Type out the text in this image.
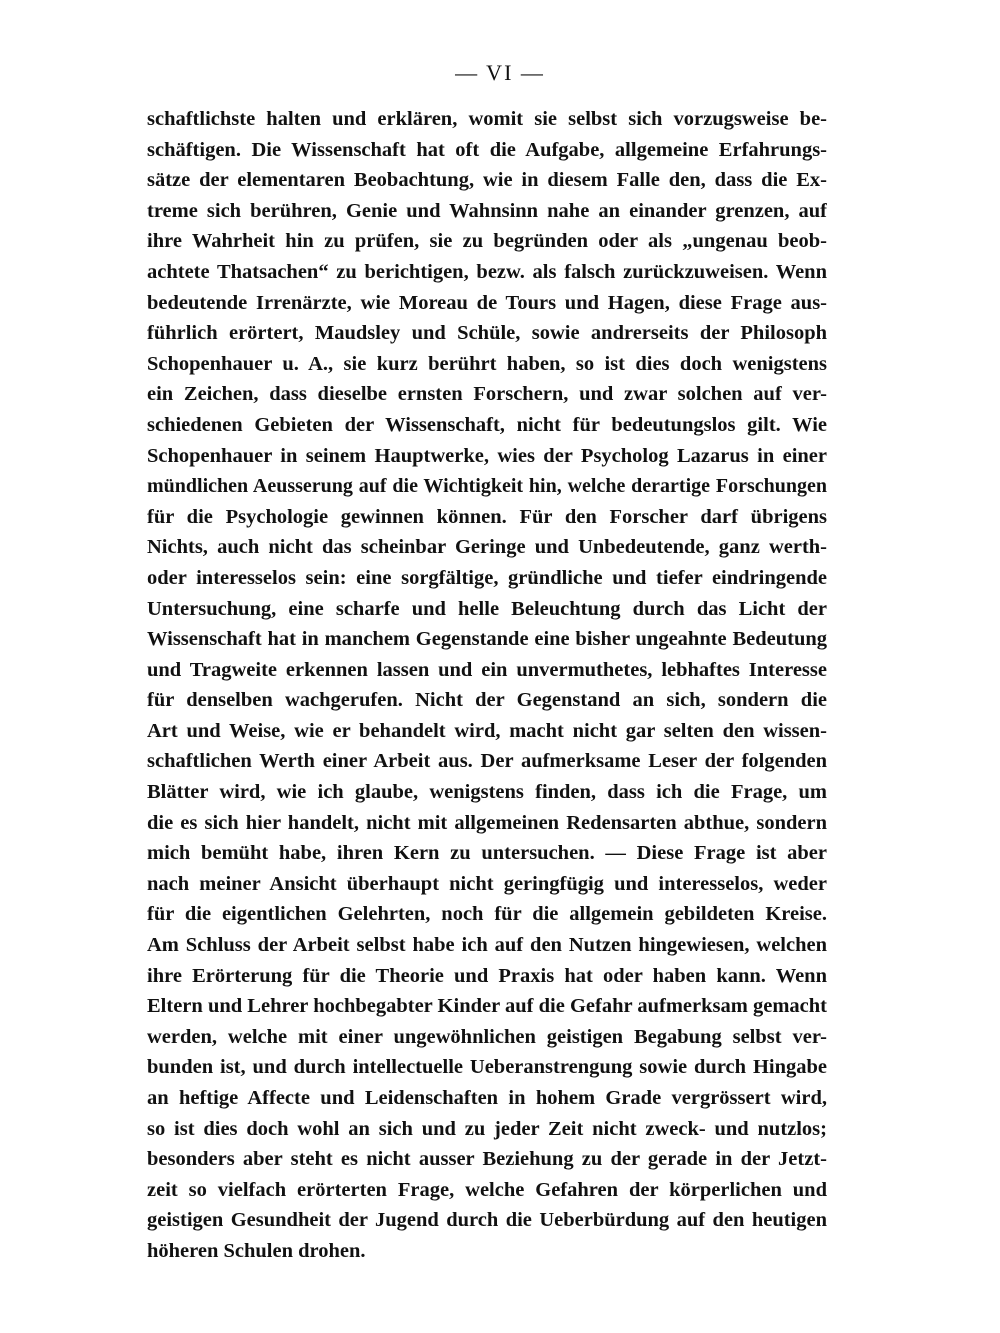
— VI —
schaftlichste halten und erklären, womit sie selbst sich vorzugsweise be-
schäftigen. Die Wissenschaft hat oft die Aufgabe, allgemeine Erfahrungs-
sätze der elementaren Beobachtung, wie in diesem Falle den, dass die Ex-
treme sich berühren, Genie und Wahnsinn nahe an einander grenzen, auf
ihre Wahrheit hin zu prüfen, sie zu begründen oder als „ungenau beob-
achtete Thatsachen“ zu berichtigen, bezw. als falsch zurückzuweisen. Wenn
bedeutende Irrenärzte, wie Moreau de Tours und Hagen, diese Frage aus-
führlich erörtert, Maudsley und Schüle, sowie andrerseits der Philosoph
Schopenhauer u. A., sie kurz berührt haben, so ist dies doch wenigstens
ein Zeichen, dass dieselbe ernsten Forschern, und zwar solchen auf ver-
schiedenen Gebieten der Wissenschaft, nicht für bedeutungslos gilt. Wie
Schopenhauer in seinem Hauptwerke, wies der Psycholog Lazarus in einer
mündlichen Aeusserung auf die Wichtigkeit hin, welche derartige Forschungen
für die Psychologie gewinnen können. Für den Forscher darf übrigens
Nichts, auch nicht das scheinbar Geringe und Unbedeutende, ganz werth-
oder interesselos sein: eine sorgfältige, gründliche und tiefer eindringende
Untersuchung, eine scharfe und helle Beleuchtung durch das Licht der
Wissenschaft hat in manchem Gegenstande eine bisher ungeahnte Bedeutung
und Tragweite erkennen lassen und ein unvermuthetes, lebhaftes Interesse
für denselben wachgerufen. Nicht der Gegenstand an sich, sondern die
Art und Weise, wie er behandelt wird, macht nicht gar selten den wissen-
schaftlichen Werth einer Arbeit aus. Der aufmerksame Leser der folgenden
Blätter wird, wie ich glaube, wenigstens finden, dass ich die Frage, um
die es sich hier handelt, nicht mit allgemeinen Redensarten abthue, sondern
mich bemüht habe, ihren Kern zu untersuchen. — Diese Frage ist aber
nach meiner Ansicht überhaupt nicht geringfügig und interesselos, weder
für die eigentlichen Gelehrten, noch für die allgemein gebildeten Kreise.
Am Schluss der Arbeit selbst habe ich auf den Nutzen hingewiesen, welchen
ihre Erörterung für die Theorie und Praxis hat oder haben kann. Wenn
Eltern und Lehrer hochbegabter Kinder auf die Gefahr aufmerksam gemacht
werden, welche mit einer ungewöhnlichen geistigen Begabung selbst ver-
bunden ist, und durch intellectuelle Ueberanstrengung sowie durch Hingabe
an heftige Affecte und Leidenschaften in hohem Grade vergrössert wird,
so ist dies doch wohl an sich und zu jeder Zeit nicht zweck- und nutzlos;
besonders aber steht es nicht ausser Beziehung zu der gerade in der Jetzt-
zeit so vielfach erörterten Frage, welche Gefahren der körperlichen und
geistigen Gesundheit der Jugend durch die Ueberbürdung auf den heutigen
höheren Schulen drohen.
